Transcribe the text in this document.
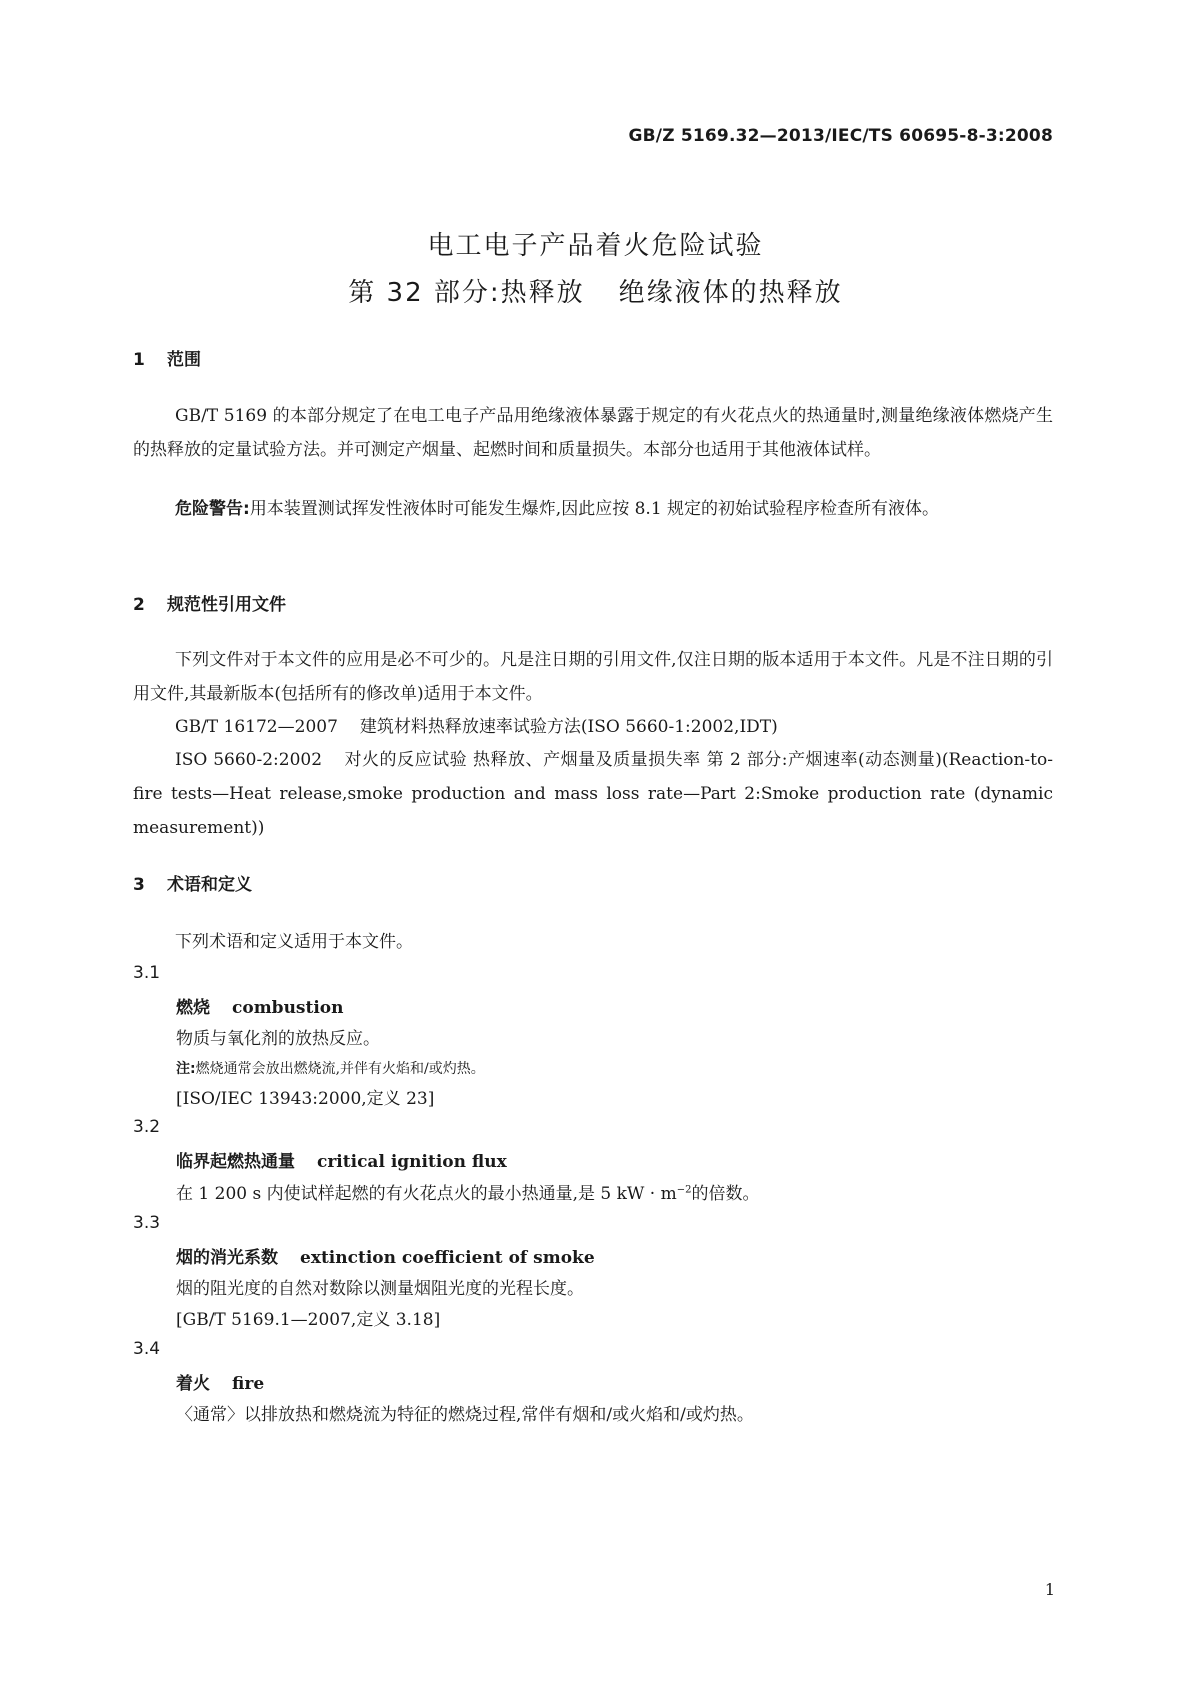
GB/Z 5169.32—2013/IEC/TS 60695-8-3:2008
电工电子产品着火危险试验
第 32 部分:热释放 绝缘液体的热释放
1 范围
GB/T 5169 的本部分规定了在电工电子产品用绝缘液体暴露于规定的有火花点火的热通量时,测量绝缘液体燃烧产生的热释放的定量试验方法。并可测定产烟量、起燃时间和质量损失。本部分也适用于其他液体试样。
危险警告:用本装置测试挥发性液体时可能发生爆炸,因此应按 8.1 规定的初始试验程序检查所有液体。
2 规范性引用文件
下列文件对于本文件的应用是必不可少的。凡是注日期的引用文件,仅注日期的版本适用于本文件。凡是不注日期的引用文件,其最新版本(包括所有的修改单)适用于本文件。
GB/T 16172—2007 建筑材料热释放速率试验方法(ISO 5660-1:2002,IDT)
ISO 5660-2:2002 对火的反应试验 热释放、产烟量及质量损失率 第 2 部分:产烟速率(动态测量)(Reaction-to-fire tests—Heat release,smoke production and mass loss rate—Part 2:Smoke production rate (dynamic measurement))
3 术语和定义
下列术语和定义适用于本文件。
3.1
燃烧 combustion
物质与氧化剂的放热反应。
注:燃烧通常会放出燃烧流,并伴有火焰和/或灼热。
[ISO/IEC 13943:2000,定义 23]
3.2
临界起燃热通量 critical ignition flux
在 1 200 s 内使试样起燃的有火花点火的最小热通量,是 5 kW · $m^{-2}$的倍数。
3.3
烟的消光系数 extinction coefficient of smoke
烟的阻光度的自然对数除以测量烟阻光度的光程长度。
[GB/T 5169.1—2007,定义 3.18]
3.4
着火 fire
〈通常〉以排放热和燃烧流为特征的燃烧过程,常伴有烟和/或火焰和/或灼热。
1
